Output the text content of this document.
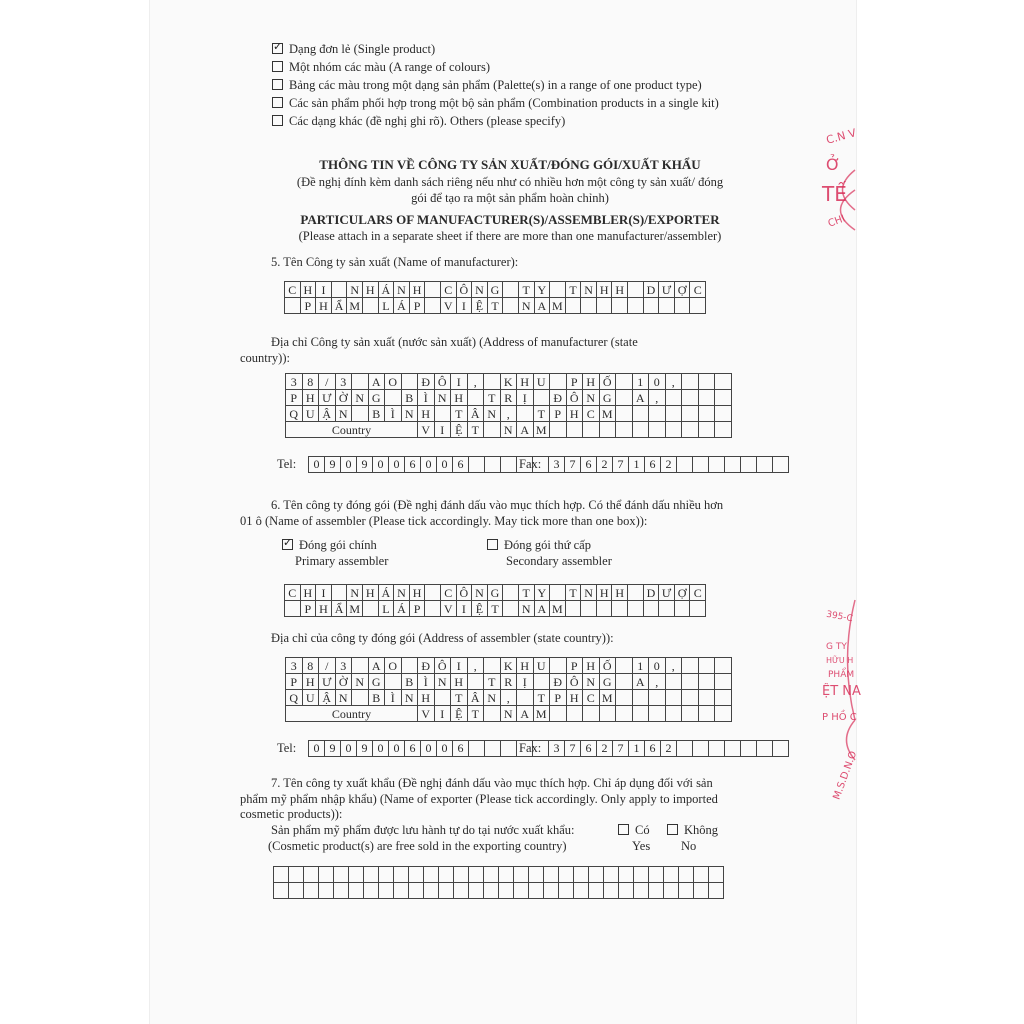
✓Dạng đơn lẻ (Single product)
Một nhóm các màu (A range of colours)
Bảng các màu trong một dạng sản phẩm (Palette(s) in a range of one product type)
Các sản phẩm phối hợp trong một bộ sản phẩm (Combination products in a single kit)
Các dạng khác (đề nghị ghi rõ). Others (please specify)
THÔNG TIN VỀ CÔNG TY SẢN XUẤT/ĐÓNG GÓI/XUẤT KHẨU
(Đề nghị đính kèm danh sách riêng nếu như có nhiều hơn một công ty sản xuất/ đóng
gói để tạo ra một sản phẩm hoàn chỉnh)
PARTICULARS OF MANUFACTURER(S)/ASSEMBLER(S)/EXPORTER
(Please attach in a separate sheet if there are more than one manufacturer/assembler)
5. Tên Công ty sản xuất (Name of manufacturer):
C	H	I		N	H	Á	N	H		C	Ô	N	G		T	Y		T	N	H	H		D	Ư	Ợ	C
	P	H	Ẩ	M		L	Á	P		V	I	Ệ	T		N	A	M									
Địa chỉ Công ty sản xuất (nước sản xuất) (Address of manufacturer (state
country)):
3	8	/	3		A	O		Đ	Ô	I	,		K	H	U		P	H	Ố		1	0	,			
P	H	Ư	Ờ	N	G		B	Ì	N	H		T	R	Ị		Đ	Ô	N	G		A	,				
Q	U	Ậ	N		B	Ì	N	H		T	Â	N	,		T	P	H	C	M							
Country								V	I	Ệ	T		N	A	M											
Tel:	0 9 0 9 0 0 6 0 0 6	Fax:	3 7 6 2 7 1 6 2
6. Tên công ty đóng gói (Đề nghị đánh dấu vào mục thích hợp. Có thể đánh dấu nhiều hơn
01 ô (Name of assembler (Please tick accordingly. May tick more than one box)):
✓Đóng gói chính
Primary assembler
Đóng gói thứ cấp
Secondary assembler
C	H	I		N	H	Á	N	H		C	Ô	N	G		T	Y		T	N	H	H		D	Ư	Ợ	C
	P	H	Ẩ	M		L	Á	P		V	I	Ệ	T		N	A	M									
Địa chỉ của công ty đóng gói (Address of assembler (state country)):
3	8	/	3		A	O		Đ	Ô	I	,		K	H	U		P	H	Ố		1	0	,			
P	H	Ư	Ờ	N	G		B	Ì	N	H		T	R	Ị		Đ	Ô	N	G		A	,				
Q	U	Ậ	N		B	Ì	N	H		T	Â	N	,		T	P	H	C	M							
Country								V	I	Ệ	T		N	A	M											
Tel:	0 9 0 9 0 0 6 0 0 6	Fax:	3 7 6 2 7 1 6 2
7. Tên công ty xuất khẩu (Đề nghị đánh dấu vào mục thích hợp. Chỉ áp dụng đối với sản
phẩm mỹ phẩm nhập khẩu) (Name of exporter (Please tick accordingly. Only apply to imported
cosmetic products)):
Sản phẩm mỹ phẩm được lưu hành tự do tại nước xuất khẩu:
(Cosmetic product(s) are free sold in the exporting country)
Có
Yes
Không
No

C.N V
Ở
TẾ
CHI
395-C
G TY
HỮU H
PHẨM
ỆT NA
P HỒ C
M.S.D.N.O
